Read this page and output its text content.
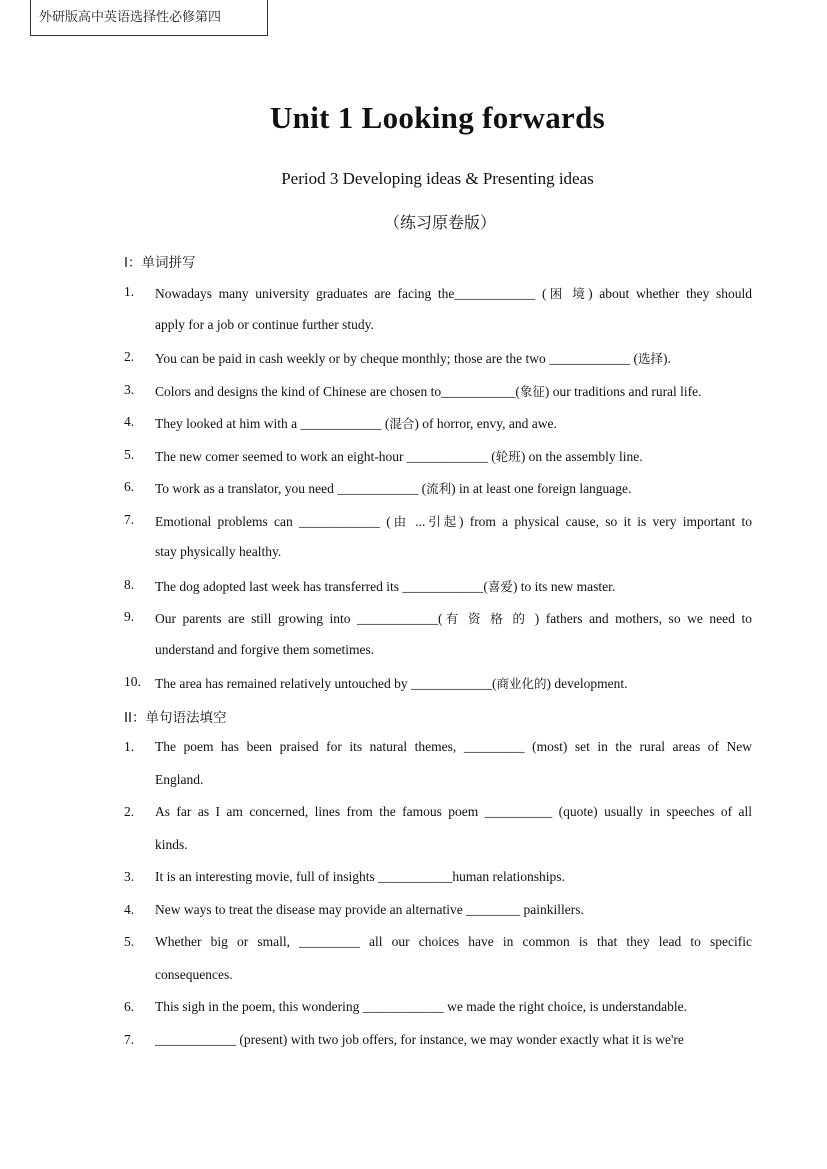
外研版高中英语选择性必修第四
Unit 1 Looking forwards
Period 3 Developing ideas & Presenting ideas
（练习原卷版）
I：单词拼写
1. Nowadays many university graduates are facing the____________ (困 境) about whether they should
apply for a job or continue further study.
2. You can be paid in cash weekly or by cheque monthly; those are the two ____________ (选择).
3. Colors and designs the kind of Chinese are chosen to___________(象征) our traditions and rural life.
4. They looked at him with a ____________ (混合) of horror, envy, and awe.
5. The new comer seemed to work an eight-hour ____________ (轮班) on the assembly line.
6. To work as a translator, you need ____________ (流利) in at least one foreign language.
7. Emotional problems can ____________ (由 ...引起) from a physical cause, so it is very important to
stay physically healthy.
8. The dog adopted last week has transferred its ____________(喜爱) to its new master.
9. Our parents are still growing into ____________(有 资 格 的 ) fathers and mothers, so we need to
understand and forgive them sometimes.
10. The area has remained relatively untouched by ____________(商业化的) development.
II：单句语法填空
1. The poem has been praised for its natural themes, _________ (most) set in the rural areas of New
England.
2. As far as I am concerned, lines from the famous poem __________ (quote) usually in speeches of all
kinds.
3. It is an interesting movie, full of insights ___________human relationships.
4. New ways to treat the disease may provide an alternative ________ painkillers.
5. Whether big or small, _________ all our choices have in common is that they lead to specific
consequences.
6. This sigh in the poem, this wondering ____________ we made the right choice, is understandable.
7. ____________ (present) with two job offers, for instance, we may wonder exactly what it is we're
